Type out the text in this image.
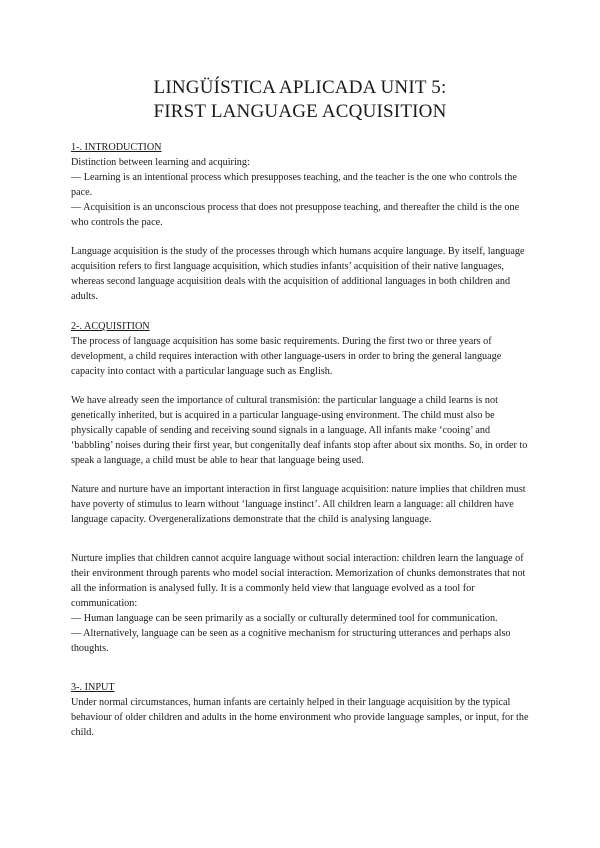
LINGÜÍSTICA APLICADA UNIT 5:
FIRST LANGUAGE ACQUISITION

1-. INTRODUCTION

Distinction between learning and acquiring:

— Learning is an intentional process which presupposes teaching, and the teacher is the one who controls the pace.

— Acquisition is an unconscious process that does not presuppose teaching, and thereafter the child is the one who controls the pace.

Language acquisition is the study of the processes through which humans acquire language. By itself, language acquisition refers to first language acquisition, which studies infants’ acquisition of their native languages, whereas second language acquisition deals with the acquisition of additional languages in both children and adults.

2-. ACQUISITION

The process of language acquisition has some basic requirements. During the first two or three years of development, a child requires interaction with other language-users in order to bring the general language capacity into contact with a particular language such as English.

We have already seen the importance of cultural transmisión: the particular language a child learns is not genetically inherited, but is acquired in a particular language-using environment. The child must also be physically capable of sending and receiving sound signals in a language. All infants make ‘cooing’ and ‘babbling’ noises during their first year, but congenitally deaf infants stop after about six months. So, in order to speak a language, a child must be able to hear that language being used.

Nature and nurture have an important interaction in first language acquisition: nature implies that children must have poverty of stimulus to learn without ‘language instinct’. All children learn a language: all children have language capacity. Overgeneralizations demonstrate that the child is analysing language.

Nurture implies that children cannot acquire language without social interaction: children learn the language of their environment through parents who model social interaction. Memorization of chunks demonstrates that not all the information is analysed fully. It is a commonly held view that language evolved as a tool for communication:

— Human language can be seen primarily as a socially or culturally determined tool for communication.

— Alternatively, language can be seen as a cognitive mechanism for structuring utterances and perhaps also thoughts.

3-. INPUT

Under normal circumstances, human infants are certainly helped in their language acquisition by the typical behaviour of older children and adults in the home environment who provide language samples, or input, for the child.
